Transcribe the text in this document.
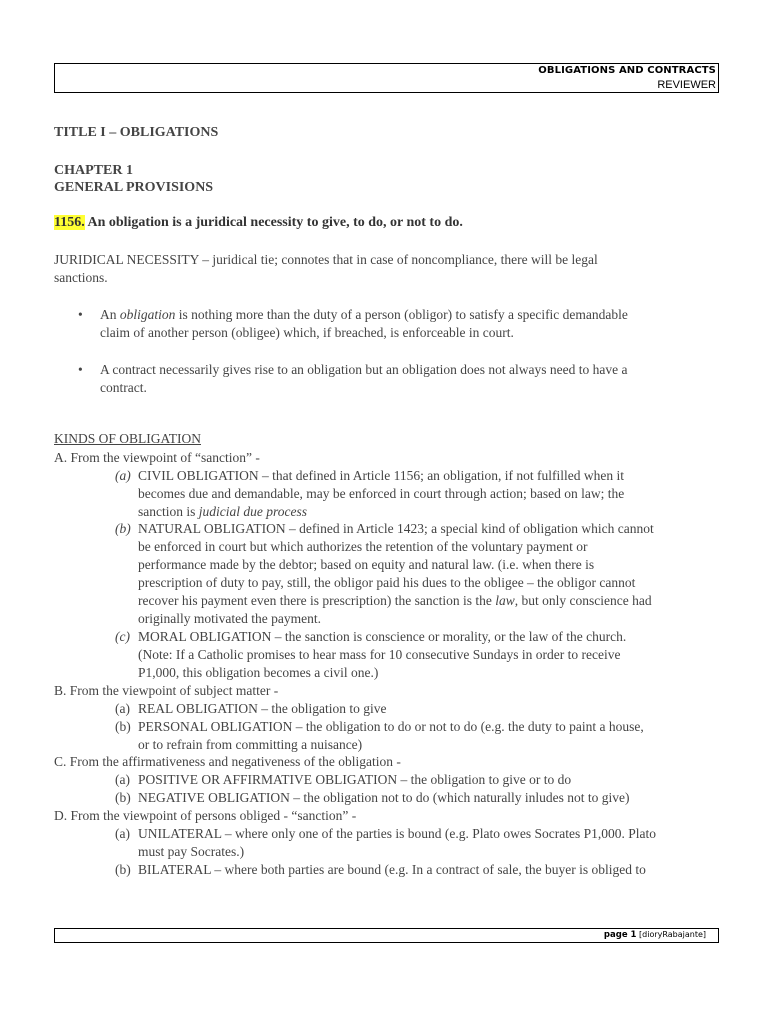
OBLIGATIONS AND CONTRACTS
REVIEWER
TITLE I – OBLIGATIONS
CHAPTER 1
GENERAL PROVISIONS
1156. An obligation is a juridical necessity to give, to do, or not to do.
JURIDICAL NECESSITY – juridical tie; connotes that in case of noncompliance, there will be legal
sanctions.
• An obligation is nothing more than the duty of a person (obligor) to satisfy a specific demandable
claim of another person (obligee) which, if breached, is enforceable in court.
• A contract necessarily gives rise to an obligation but an obligation does not always need to have a
contract.
KINDS OF OBLIGATION
A. From the viewpoint of “sanction” -
(a) CIVIL OBLIGATION – that defined in Article 1156; an obligation, if not fulfilled when it
becomes due and demandable, may be enforced in court through action; based on law; the
sanction is judicial due process
(b) NATURAL OBLIGATION – defined in Article 1423; a special kind of obligation which cannot
be enforced in court but which authorizes the retention of the voluntary payment or
performance made by the debtor; based on equity and natural law. (i.e. when there is
prescription of duty to pay, still, the obligor paid his dues to the obligee – the obligor cannot
recover his payment even there is prescription) the sanction is the law, but only conscience had
originally motivated the payment.
(c) MORAL OBLIGATION – the sanction is conscience or morality, or the law of the church.
(Note: If a Catholic promises to hear mass for 10 consecutive Sundays in order to receive
P1,000, this obligation becomes a civil one.)
B. From the viewpoint of subject matter -
(a) REAL OBLIGATION – the obligation to give
(b) PERSONAL OBLIGATION – the obligation to do or not to do (e.g. the duty to paint a house,
or to refrain from committing a nuisance)
C. From the affirmativeness and negativeness of the obligation -
(a) POSITIVE OR AFFIRMATIVE OBLIGATION – the obligation to give or to do
(b) NEGATIVE OBLIGATION – the obligation not to do (which naturally inludes not to give)
D. From the viewpoint of persons obliged - “sanction” -
(a) UNILATERAL – where only one of the parties is bound (e.g. Plato owes Socrates P1,000. Plato
must pay Socrates.)
(b) BILATERAL – where both parties are bound (e.g. In a contract of sale, the buyer is obliged to
page 1 [dioryRabajante]
